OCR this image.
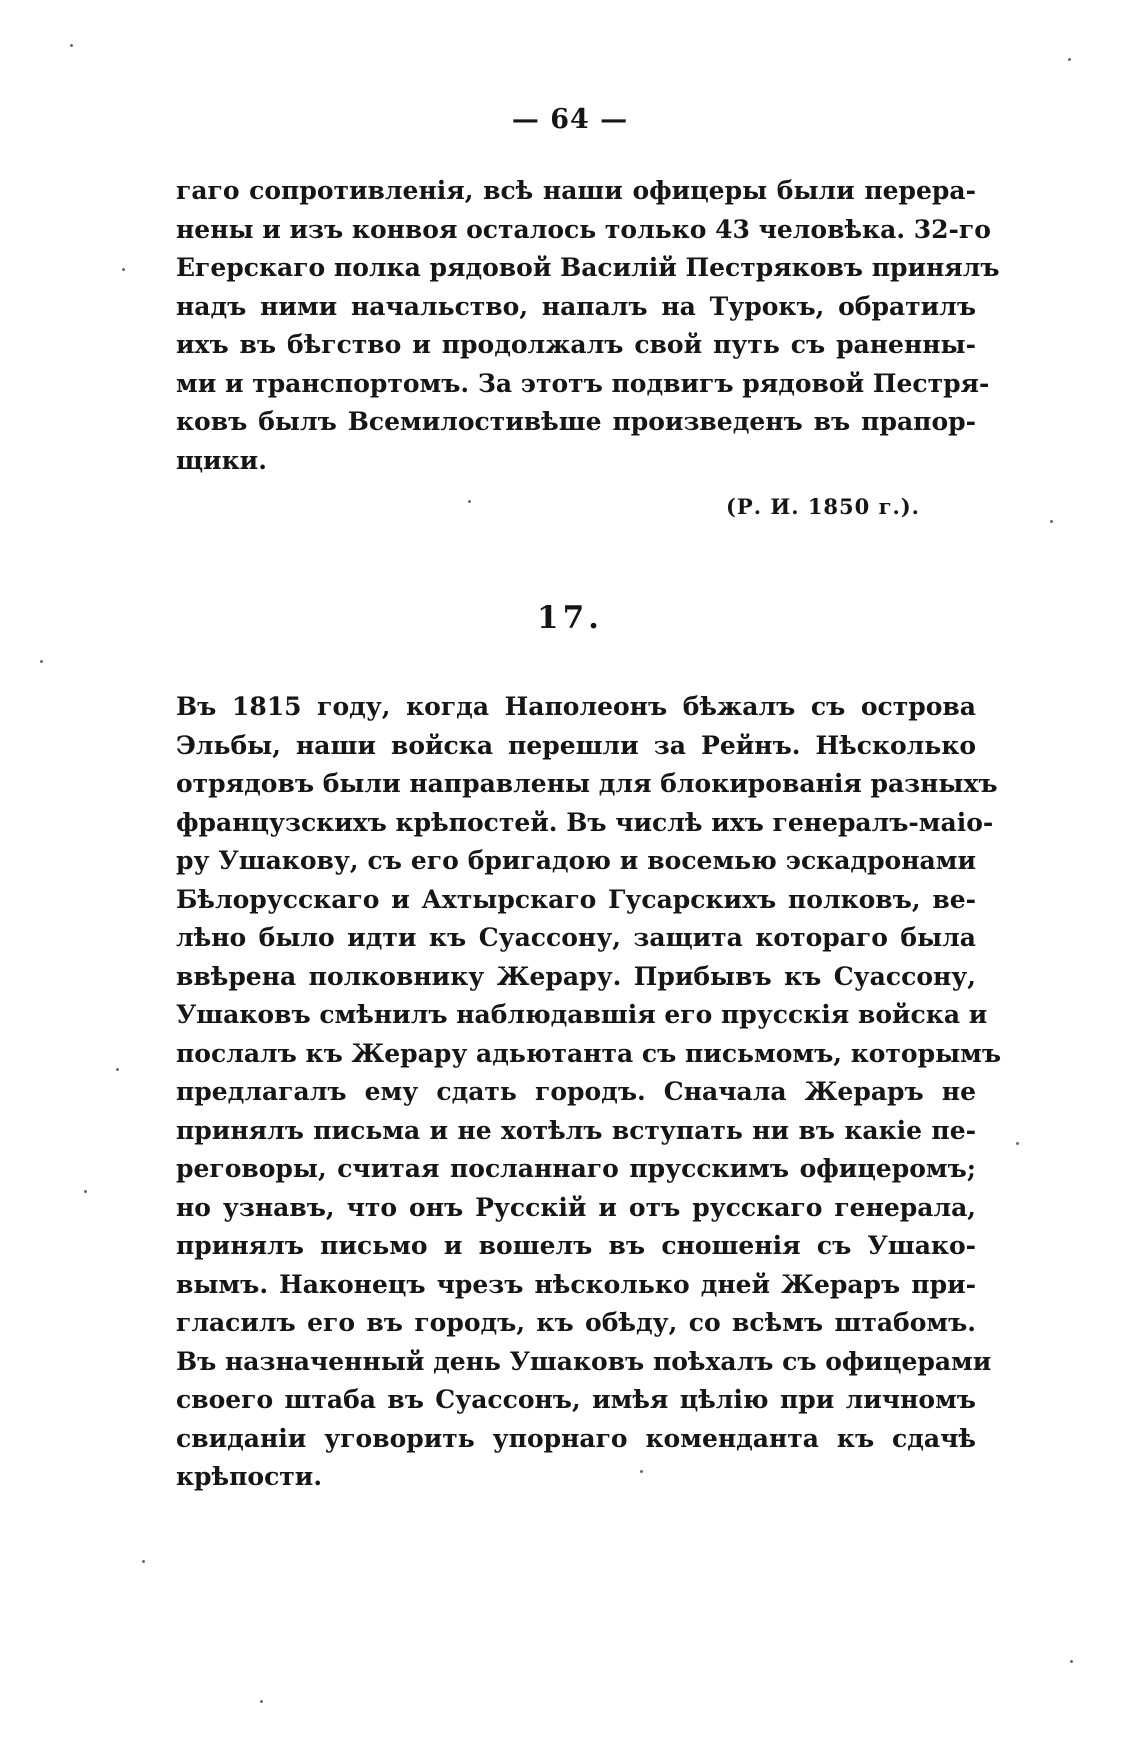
— 64 —
гаго сопротивленія, всѣ наши офицеры были перера-
нены и изъ конвоя осталось только 43 человѣка. 32-го
Егерскаго полка рядовой Василій Пестряковъ принялъ
надъ ними начальство, напалъ на Турокъ, обратилъ
ихъ въ бѣгство и продолжалъ свой путь съ раненны-
ми и транспортомъ. За этотъ подвигъ рядовой Пестря-
ковъ былъ Всемилостивѣше произведенъ въ прапор-
щики.
(Р. И. 1850 г.).
17.
Въ 1815 году, когда Наполеонъ бѣжалъ съ острова
Эльбы, наши войска перешли за Рейнъ. Нѣсколько
отрядовъ были направлены для блокированія разныхъ
французскихъ крѣпостей. Въ числѣ ихъ генералъ-маіо-
ру Ушакову, съ его бригадою и восемью эскадронами
Бѣлорусскаго и Ахтырскаго Гусарскихъ полковъ, ве-
лѣно было идти къ Суассону, защита котораго была
ввѣрена полковнику Жерару. Прибывъ къ Суассону,
Ушаковъ смѣнилъ наблюдавшія его прусскія войска и
послалъ къ Жерару адьютанта съ письмомъ, которымъ
предлагалъ ему сдать городъ. Сначала Жераръ не
принялъ письма и не хотѣлъ вступать ни въ какіе пе-
реговоры, считая посланнаго прусскимъ офицеромъ;
но узнавъ, что онъ Русскій и отъ русскаго генерала,
принялъ письмо и вошелъ въ сношенія съ Ушако-
вымъ. Наконецъ чрезъ нѣсколько дней Жераръ при-
гласилъ его въ городъ, къ обѣду, со всѣмъ штабомъ.
Въ назначенный день Ушаковъ поѣхалъ съ офицерами
своего штаба въ Суассонъ, имѣя цѣлію при личномъ
свиданіи уговорить упорнаго коменданта къ сдачѣ
крѣпости.
